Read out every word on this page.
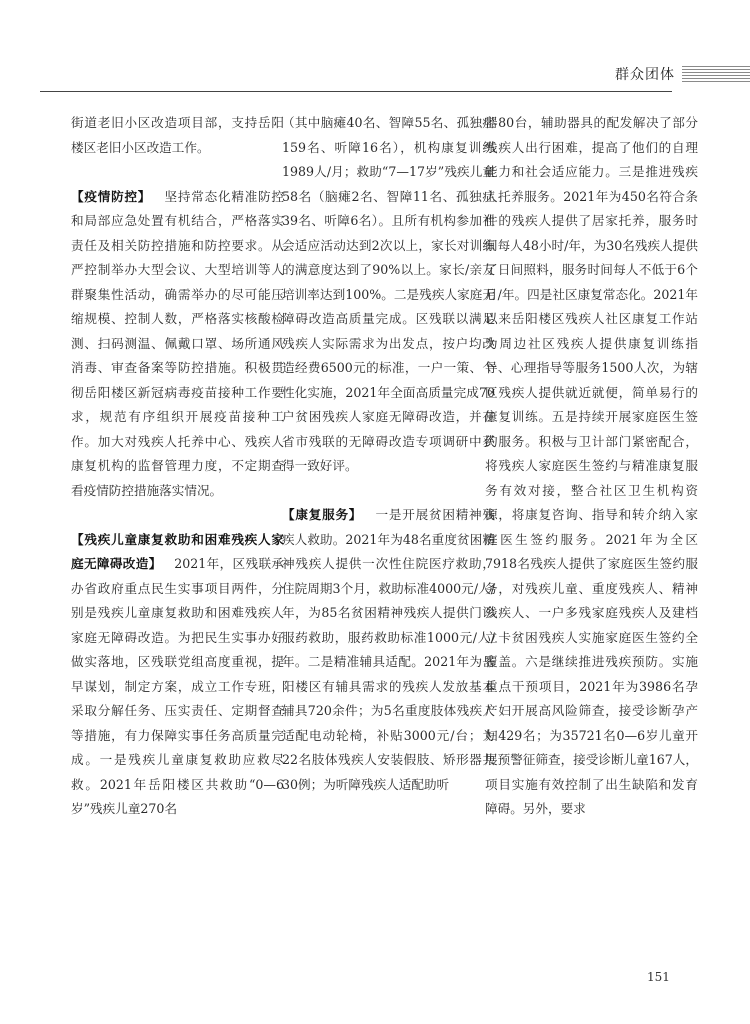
群众团体

街道老旧小区改造项目部，支持岳阳楼区老旧小区改造工作。

【疫情防控】  坚持常态化精准防控和局部应急处置有机结合，严格落实责任及相关防控措施和防控要求。从严控制举办大型会议、大型培训等人群聚集性活动，确需举办的尽可能压缩规模、控制人数，严格落实核酸检测、扫码测温、佩戴口罩、场所通风消毒、审查备案等防控措施。积极贯彻岳阳楼区新冠病毒疫苗接种工作要求，规范有序组织开展疫苗接种工作。加大对残疾人托养中心、残疾人康复机构的监督管理力度，不定期查看疫情防控措施落实情况。

【残疾儿童康复救助和困难残疾人家庭无障碍改造】  2021年，区残联承办省政府重点民生实事项目两件，分别是残疾儿童康复救助和困难残疾人家庭无障碍改造。为把民生实事办好做实落地，区残联党组高度重视，提早谋划，制定方案，成立工作专班，采取分解任务、压实责任、定期督查等措施，有力保障实事任务高质量完成。一是残疾儿童康复救助应救尽救。2021年岳阳楼区共救助“0—6岁”残疾儿童270名

（其中脑瘫40名、智障55名、孤独症159名、听障16名），机构康复训练1989人/月；救助“7—17岁”残疾儿童58名（脑瘫2名、智障11名、孤独症39名、听障6名）。且所有机构参加社会适应活动达到2次以上，家长对训练的满意度达到了90%以上。家长/亲友培训率达到100%。二是残疾人家庭无障碍改造高质量完成。区残联以满足残疾人实际需求为出发点，按户均改造经费6500元的标准，一户一策、个性化实施，2021年全面高质量完成70户贫困残疾人家庭无障碍改造，并在省市残联的无障碍改造专项调研中获得一致好评。

【康复服务】  一是开展贫困精神残疾人救助。2021年为48名重度贫困精神残疾人提供一次性住院医疗救助，住院周期3个月，救助标准4000元/人/年，为85名贫困精神残疾人提供门诊服药救助，服药救助标准1000元/人/年。二是精准辅具适配。2021年为岳阳楼区有辅具需求的残疾人发放基本辅具720余件；为5名重度肢体残疾人适配电动轮椅，补贴3000元/台；为22名肢体残疾人安装假肢、矫形器共30例；为听障残疾人适配助听

器80台，辅助器具的配发解决了部分残疾人出行困难，提高了他们的自理能力和社会适应能力。三是推进残疾人托养服务。2021年为450名符合条件的残疾人提供了居家托养，服务时间每人48小时/年，为30名残疾人提供了日间照料，服务时间每人不低于6个月/年。四是社区康复常态化。2021年以来岳阳楼区残疾人社区康复工作站为周边社区残疾人提供康复训练指导、心理指导等服务1500人次，为辖区残疾人提供就近就便，简单易行的康复训练。五是持续开展家庭医生签约服务。积极与卫计部门紧密配合，将残疾人家庭医生签约与精准康复服务有效对接，整合社区卫生机构资源，将康复咨询、指导和转介纳入家庭医生签约服务。2021年为全区7918名残疾人提供了家庭医生签约服务，对残疾儿童、重度残疾人、精神残疾人、一户多残家庭残疾人及建档立卡贫困残疾人实施家庭医生签约全覆盖。六是继续推进残疾预防。实施重点干预项目，2021年为3986名孕产妇开展高风险筛查，接受诊断孕产妇429名；为35721名0—6岁儿童开展预警征筛查，接受诊断儿童167人，项目实施有效控制了出生缺陷和发育障碍。另外，要求

151
